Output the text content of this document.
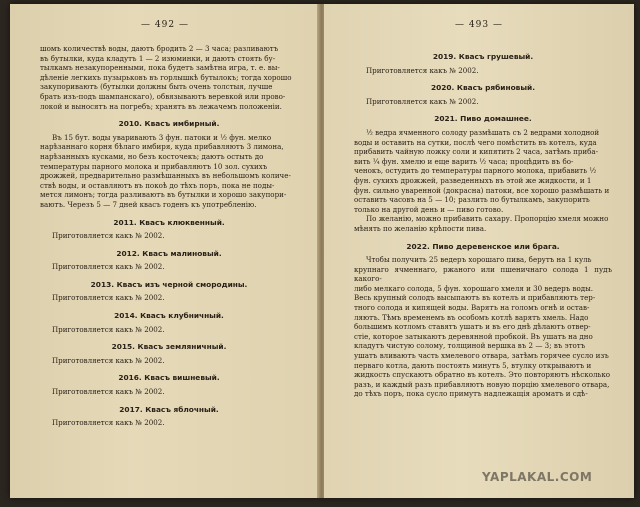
— 492 —

шомъ количествѣ воды, даютъ бродить 2 — 3 часа; разливаютъ

въ бутылки, куда кладутъ 1 — 2 изюминки, и даютъ стоять бу-

тылкамъ незакупоренными, пока будетъ замѣтна игра, т. е. вы-

дѣленіе легкихъ пузырьковъ въ горлышкѣ бутылокъ; тогда хорошо

закупориваютъ (бутылки должны быть очень толстыя, лучше

брать изъ-подъ шампанскаго), обвязываютъ веревкой или прово-

локой и выносятъ на погребъ; хранятъ въ лежачемъ положеніи.

2010. Квасъ имбирный.

Въ 15 бут. воды уваривають 3 фун. патоки и ½ фун. мелко

нарѣзаннаго корня бѣлаго имбиря, куда прибавляютъ 3 лимона,

нарѣзанныхъ кусками, но безъ косточекъ; даютъ остыть до

температуры парного молока и прибавляютъ 10 зол. сухихъ

дрожжей, предварительно размѣшанныхъ въ небольшомъ количе-

ствѣ воды, и оставляютъ въ покоѣ до тѣхъ поръ, пока не поды-

мется лимонъ; тогда разливаютъ въ бутылки и хорошо закупори-

ваютъ. Черезъ 5 — 7 дней квасъ годенъ къ употребленію.

2011. Квасъ клюквенный.

Приготовляется какъ № 2002.

2012. Квасъ малиновый.

Приготовляется какъ № 2002.

2013. Квасъ изъ черной смородины.

Приготовляется какъ № 2002.

2014. Квасъ клубничный.

Приготовляется какъ № 2002.

2015. Квасъ земляничный.

Приготовляется какъ № 2002.

2016. Квасъ вишневый.

Приготовляется какъ № 2002.

2017. Квасъ яблочный.

Приготовляется какъ № 2002.

— 493 —
2019. Квасъ грушевый.

Приготовляется какъ № 2002.

2020. Квасъ рябиновый.

Приготовляется какъ № 2002.

2021. Пиво домашнее.

½ ведра ячменного солоду размѣшать съ 2 ведрами холодной

воды и оставить на сутки, послѣ чего помѣстить въ котелъ, куда

прибавить чайную ложку соли и кипятить 2 часа, затѣмъ приба-

вить ¼ фун. хмелю и еще варить ½ часа; процѣдить въ бо-

ченокъ, остудить до температуры парного молока, прибавить ½

фун. сухихъ дрожжей, разведенныхъ въ этой же жидкости, и 1

фун. сильно уваренной (докрасна) патоки, все хорошо размѣшать и

оставить часовъ на 5 — 10; разлить по бутылкамъ, закупорить

только на другой день и — пиво готово.

По желанію, можно прибавить сахару. Пропорцію хмеля можно

мѣнять по желанію крѣпости пива.

2022. Пиво деревенское или брага.

Чтобы получить 25 ведеръ хорошаго пива, берутъ на 1 куль

крупнаго ячменнаго, ржаного или пшеничнаго солода 1 пудъ какого-

либо мелкаго солода, 5 фун. хорошаго хмеля и 30 ведеръ воды.

Весь крупный солодъ высыпаютъ въ котелъ и прибавляютъ тер-

тного солода и кипящей воды. Варятъ на голомъ огнѣ и остав-

ляютъ. Тѣмъ временемъ въ особомъ котлѣ варятъ хмель. Надо

большимъ котломъ ставятъ ушатъ и въ его днѣ дѣлаютъ отвер-

стіе, которое затыкаютъ деревянной пробкой. Въ ушатъ на дно

кладутъ чистую солому, толщиной вершка въ 2 — 3; въ этотъ

ушатъ вливаютъ часть хмелевого отвара, затѣмъ горячее сусло изъ

перваго котла, дають постоять минутъ 5, втулку открываютъ и

жидкость спускаютъ обратно въ котелъ. Это повторяютъ нѣсколько

разъ, и каждый разъ прибавляютъ новую порцію хмелевого отвара,

до тѣхъ поръ, пока сусло примутъ надлежащія ароматъ и сдѣ-

YAPLAKAL.COM
